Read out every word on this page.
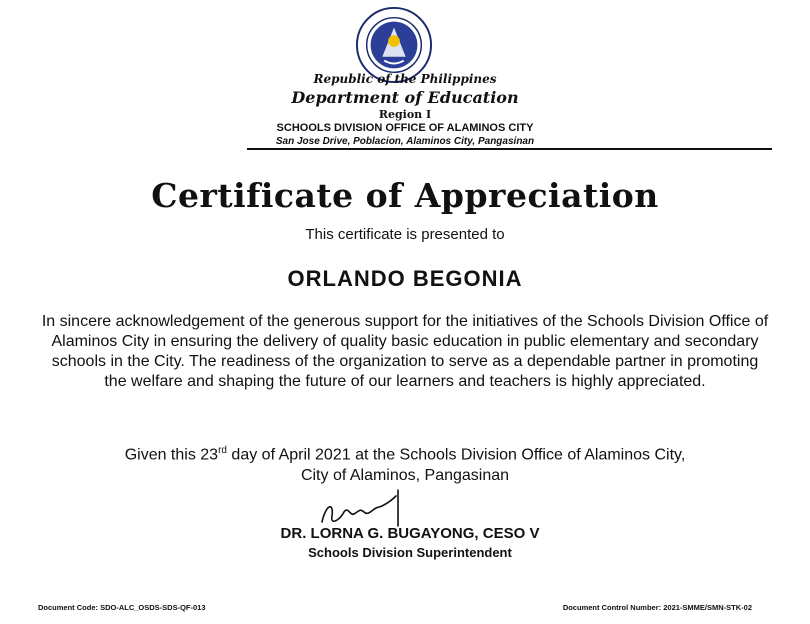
Republic of the Philippines
Department of Education
Region I
SCHOOLS DIVISION OFFICE OF ALAMINOS CITY
San Jose Drive, Poblacion, Alaminos City, Pangasinan
Certificate of Appreciation
This certificate is presented to
ORLANDO BEGONIA
In sincere acknowledgement of the generous support for the initiatives of the Schools Division Office of Alaminos City in ensuring the delivery of quality basic education in public elementary and secondary schools in the City. The readiness of the organization to serve as a dependable partner in promoting the welfare and shaping the future of our learners and teachers is highly appreciated.
Given this 23rd day of April 2021 at the Schools Division Office of Alaminos City,
City of Alaminos, Pangasinan
DR. LORNA G. BUGAYONG, CESO V
Schools Division Superintendent
Document Code: SDO-ALC_OSDS-SDS-QF-013	Document Control Number: 2021-SMME/SMN-STK-02
